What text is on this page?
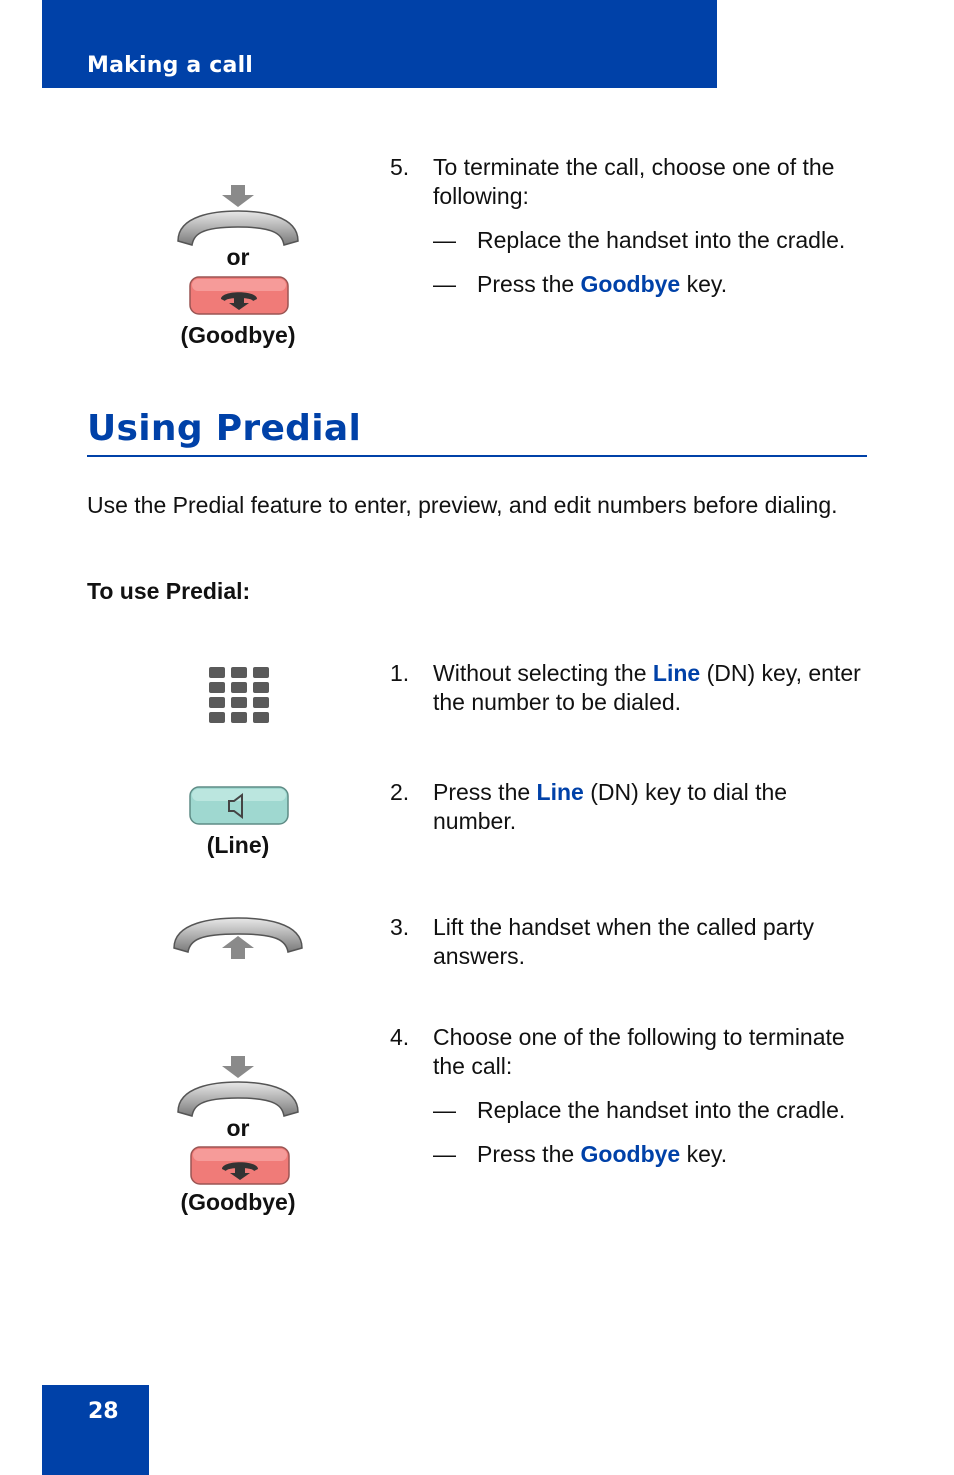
Making a call
or
(Goodbye)
5. To terminate the call, choose one of the following:
— Replace the handset into the cradle.
— Press the Goodbye key.
Using Predial

Use the Predial feature to enter, preview, and edit numbers before dialing.

To use Predial:

1. Without selecting the Line (DN) key, enter the number to be dialed.
(Line)
2. Press the Line (DN) key to dial the number.
3. Lift the handset when the called party answers.
or
(Goodbye)
4. Choose one of the following to terminate the call:
— Replace the handset into the cradle.
— Press the Goodbye key.
28
